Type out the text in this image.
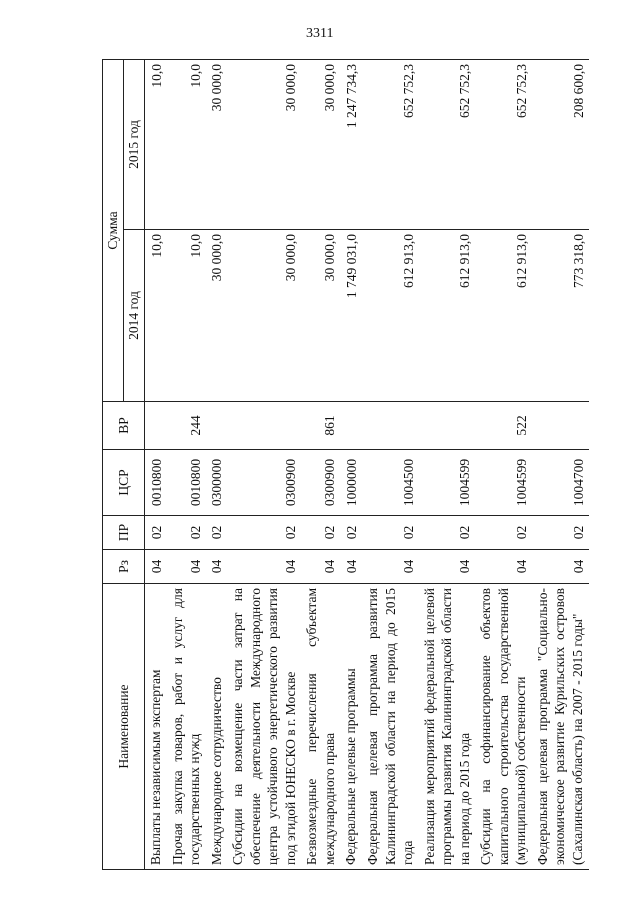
3311
Наименование	Рз	ПР	ЦСР	ВР	Сумма	
					2014 год	2015 год
Выплаты независимым экспертам	04	02	0010800		10,0	10,0
Прочая закупка товаров, работ и услуг для государственных нужд	04	02	0010800	244	10,0	10,0
Международное сотрудничество	04	02	0300000		30 000,0	30 000,0
Субсидии на возмещение части затрат на обеспечение деятельности Международного центра устойчивого энергетического развития под эгидой ЮНЕСКО в г. Москве	04	02	0300900		30 000,0	30 000,0
Безвозмездные перечисления субъектам международного права	04	02	0300900	861	30 000,0	30 000,0
Федеральные целевые программы	04	02	1000000		1 749 031,0	1 247 734,3
Федеральная целевая программа развития Калининградской области на период до 2015 года	04	02	1004500		612 913,0	652 752,3
Реализация мероприятий федеральной целевой программы развития Калининградской области на период до 2015 года	04	02	1004599		612 913,0	652 752,3
Субсидии на софинансирование объектов капитального строительства государственной (муниципальной) собственности	04	02	1004599	522	612 913,0	652 752,3
Федеральная целевая программа "Социально-экономическое развитие Курильских островов (Сахалинская область) на 2007 - 2015 годы"	04	02	1004700		773 318,0	208 600,0
